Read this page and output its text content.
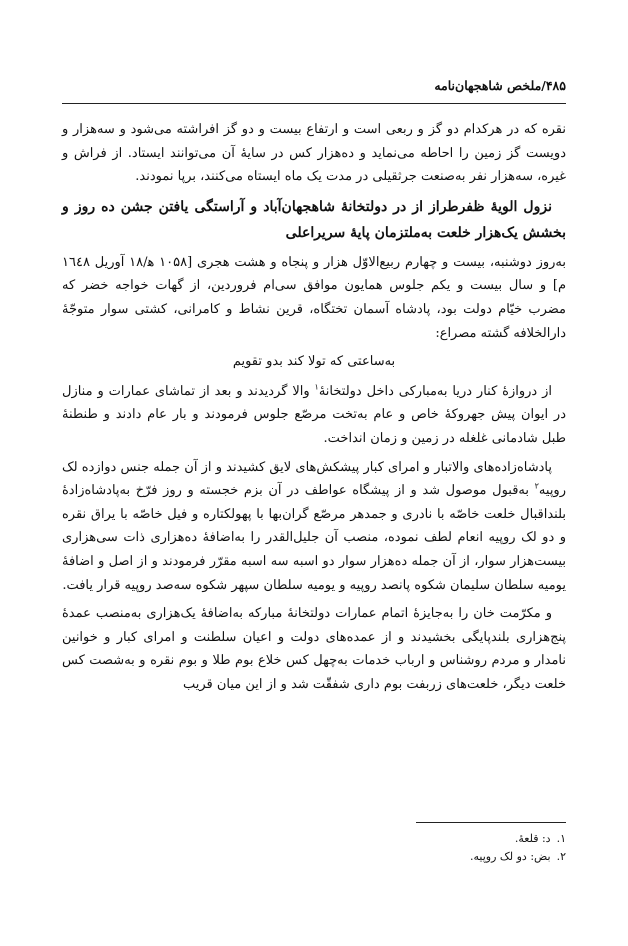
۴۸۵/ملخص شاهجهان‌نامه

نقره که در هرکدام دو گز و ربعی است و ارتفاع بیست و دو گز افراشته می‌شود و سه‌هزار و دویست گز زمین را احاطه می‌نماید و ده‌هزار کس در سایهٔ آن می‌توانند ایستاد. از فراش و غیره، سه‌هزار نفر به‌صنعت جرثقیلی در مدت یک ماه ایستاه می‌کنند، برپا نمودند.

نزول الویهٔ ظفرطراز از در دولتخانهٔ شاهجهان‌آباد و آراستگی یافتن جشن ده روز و بخشش یک‌هزار خلعت به‌ملتزمان پایهٔ سریراعلی

به‌روز دوشنبه، بیست و چهارم ربیع‌الاوّل هزار و پنجاه و هشت هجری [۱۰۵۸ ه‍/۱۸ آوریل ۱٦٤۸ م] و سال بیست و یکم جلوس همایون موافق سی‌ام فروردین، از گهات خواجه خضر که مضرب خیّام دولت بود، پادشاه آسمان تختگاه، قرین نشاط و کامرانی، کشتی سوار متوجّهٔ دارالخلافه گشته مصراع:

به‌ساعتی که تولا کند بدو تقویم

از دروازهٔ کنار دریا به‌مبارکی داخل دولتخانهٔ$^۱$ والا گردیدند و بعد از تماشای عمارات و منازل در ایوان پیش جهروکهٔ خاص و عام به‌تخت مرصّع جلوس فرمودند و بار عام دادند و طنطنهٔ طبل شادمانی غلغله در زمین و زمان انداخت.

پادشاه‌زاده‌های والاتبار و امرای کبار پیشکش‌های لایق کشیدند و از آن جمله جنس دوازده لک روپیه$^۲$ به‌قبول موصول شد و از پیشگاه عواطف در آن بزم خجسته و روز فرّخ به‌پادشاه‌زادهٔ بلنداقبال خلعت خاصّه با نادری و جمدهر مرصّع گران‌بها با پهولکتاره و فیل خاصّه با یراق نقره و دو لک روپیه انعام لطف نموده، منصب آن جلیل‌القدر را به‌اضافهٔ ده‌هزاری ذات سی‌هزاری بیست‌هزار سوار، از آن جمله ده‌هزار سوار دو اسبه سه اسبه مقرّر فرمودند و از اصل و اضافهٔ یومیه سلطان سلیمان شکوه پانصد روپیه و یومیه سلطان سپهر شکوه سه‌صد روپیه قرار یافت.

و مکرّمت خان را به‌جایزهٔ اتمام عمارات دولتخانهٔ مبارکه به‌اضافهٔ یک‌هزاری به‌منصب عمدهٔ پنج‌هزاری بلندپایگی بخشیدند و از عمده‌های دولت و اعیان سلطنت و امرای کبار و خوانین نامدار و مردم روشناس و ارباب خدمات به‌چهل کس خلاع بوم طلا و بوم نقره و به‌شصت کس خلعت دیگر، خلعت‌های زربفت بوم داری شفقّت شد و از این میان قریب

۱.
د: قلعهٔ.
۲.
بض: دو لک روپیه.
